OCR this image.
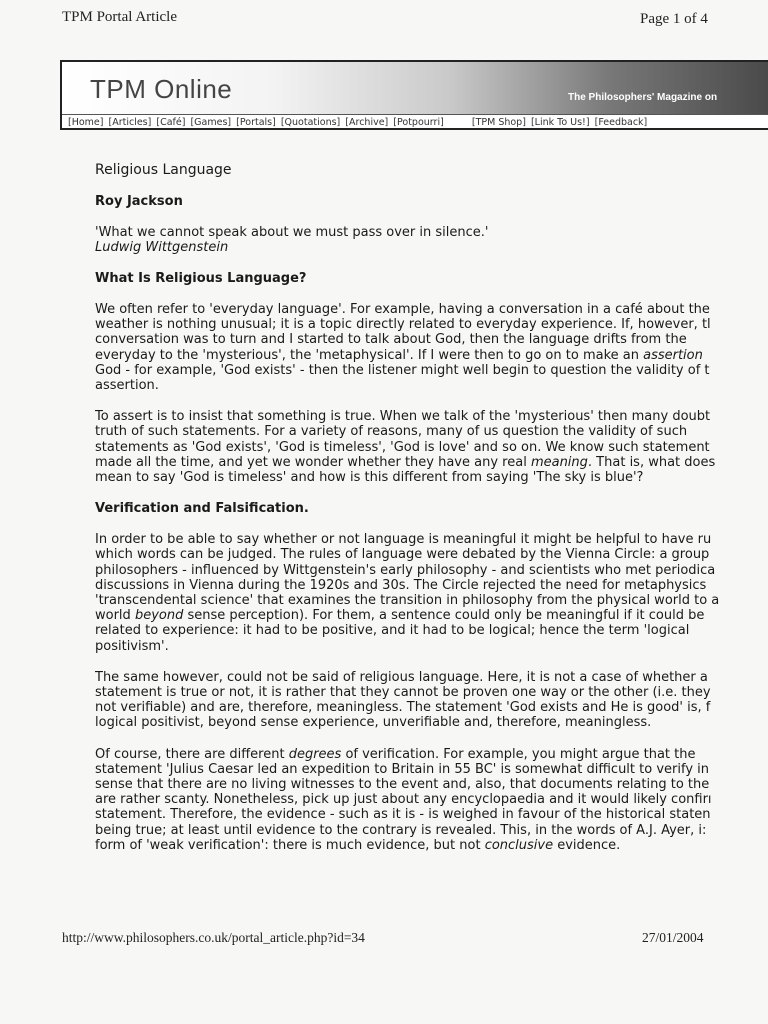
TPM Portal Article	Page 1 of 4
TPM Online	The Philosophers' Magazine on
[Home] [Articles] [Café] [Games] [Portals] [Quotations] [Archive] [Potpourri]	[TPM Shop] [Link To Us!] [Feedback]
Religious Language
Roy Jackson
'What we cannot speak about we must pass over in silence.'
Ludwig Wittgenstein
What Is Religious Language?
We often refer to 'everyday language'. For example, having a conversation in a café about the
weather is nothing unusual; it is a topic directly related to everyday experience. If, however, tl
conversation was to turn and I started to talk about God, then the language drifts from the
everyday to the 'mysterious', the 'metaphysical'. If I were then to go on to make an assertion
God - for example, 'God exists' - then the listener might well begin to question the validity of t
assertion.
To assert is to insist that something is true. When we talk of the 'mysterious' then many doubt
truth of such statements. For a variety of reasons, many of us question the validity of such
statements as 'God exists', 'God is timeless', 'God is love' and so on. We know such statement
made all the time, and yet we wonder whether they have any real meaning. That is, what does
mean to say 'God is timeless' and how is this different from saying 'The sky is blue'?
Verification and Falsification.
In order to be able to say whether or not language is meaningful it might be helpful to have ru
which words can be judged. The rules of language were debated by the Vienna Circle: a group
philosophers - influenced by Wittgenstein's early philosophy - and scientists who met periodica
discussions in Vienna during the 1920s and 30s. The Circle rejected the need for metaphysics
'transcendental science' that examines the transition in philosophy from the physical world to a
world beyond sense perception). For them, a sentence could only be meaningful if it could be
related to experience: it had to be positive, and it had to be logical; hence the term 'logical
positivism'.
The same however, could not be said of religious language. Here, it is not a case of whether a
statement is true or not, it is rather that they cannot be proven one way or the other (i.e. they
not verifiable) and are, therefore, meaningless. The statement 'God exists and He is good' is, f
logical positivist, beyond sense experience, unverifiable and, therefore, meaningless.
Of course, there are different degrees of verification. For example, you might argue that the
statement 'Julius Caesar led an expedition to Britain in 55 BC' is somewhat difficult to verify in
sense that there are no living witnesses to the event and, also, that documents relating to the
are rather scanty. Nonetheless, pick up just about any encyclopaedia and it would likely confirı
statement. Therefore, the evidence - such as it is - is weighed in favour of the historical staten
being true; at least until evidence to the contrary is revealed. This, in the words of A.J. Ayer, i:
form of 'weak verification': there is much evidence, but not conclusive evidence.
http://www.philosophers.co.uk/portal_article.php?id=34	27/01/2004
